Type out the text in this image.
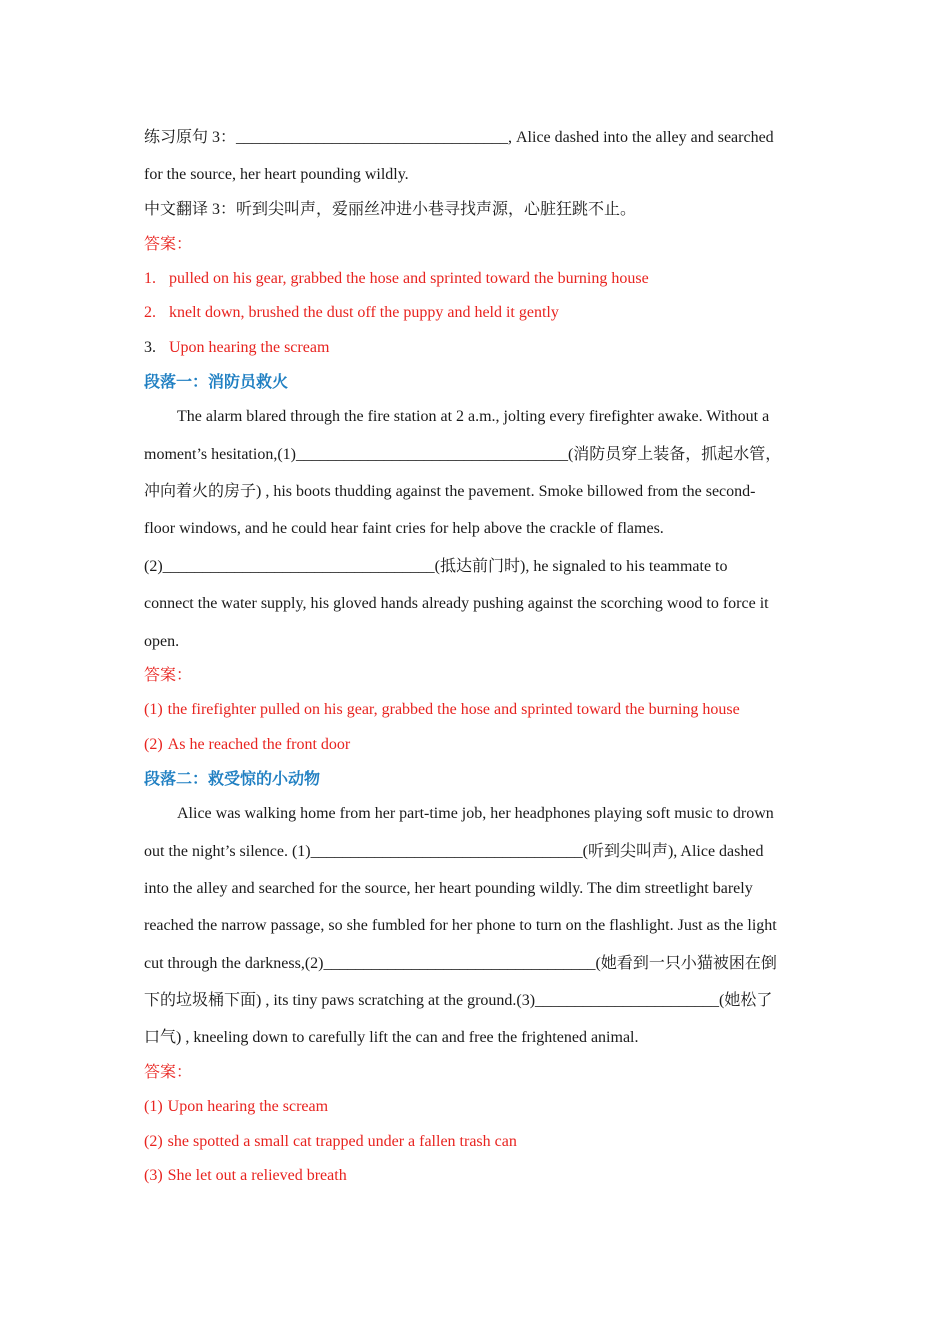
练习原句 3：__________________________________, Alice dashed into the alley and searched
for the source, her heart pounding wildly.
中文翻译 3：听到尖叫声，爱丽丝冲进小巷寻找声源，心脏狂跳不止。
答案：
1. pulled on his gear, grabbed the hose and sprinted toward the burning house
2. knelt down, brushed the dust off the puppy and held it gently
3. Upon hearing the scream
段落一：消防员救火
The alarm blared through the fire station at 2 a.m., jolting every firefighter awake. Without a
moment’s hesitation,(1)__________________________________(消防员穿上装备，抓起水管，
冲向着火的房子) , his boots thudding against the pavement. Smoke billowed from the second-
floor windows, and he could hear faint cries for help above the crackle of flames.
(2)__________________________________(抵达前门时), he signaled to his teammate to
connect the water supply, his gloved hands already pushing against the scorching wood to force it
open.
答案：
(1) the firefighter pulled on his gear, grabbed the hose and sprinted toward the burning house
(2) As he reached the front door
段落二：救受惊的小动物
Alice was walking home from her part-time job, her headphones playing soft music to drown
out the night’s silence. (1)__________________________________(听到尖叫声), Alice dashed
into the alley and searched for the source, her heart pounding wildly. The dim streetlight barely
reached the narrow passage, so she fumbled for her phone to turn on the flashlight. Just as the light
cut through the darkness,(2)__________________________________(她看到一只小猫被困在倒
下的垃圾桶下面) , its tiny paws scratching at the ground.(3)_______________________(她松了
口气) , kneeling down to carefully lift the can and free the frightened animal.
答案：
(1) Upon hearing the scream
(2) she spotted a small cat trapped under a fallen trash can
(3) She let out a relieved breath
